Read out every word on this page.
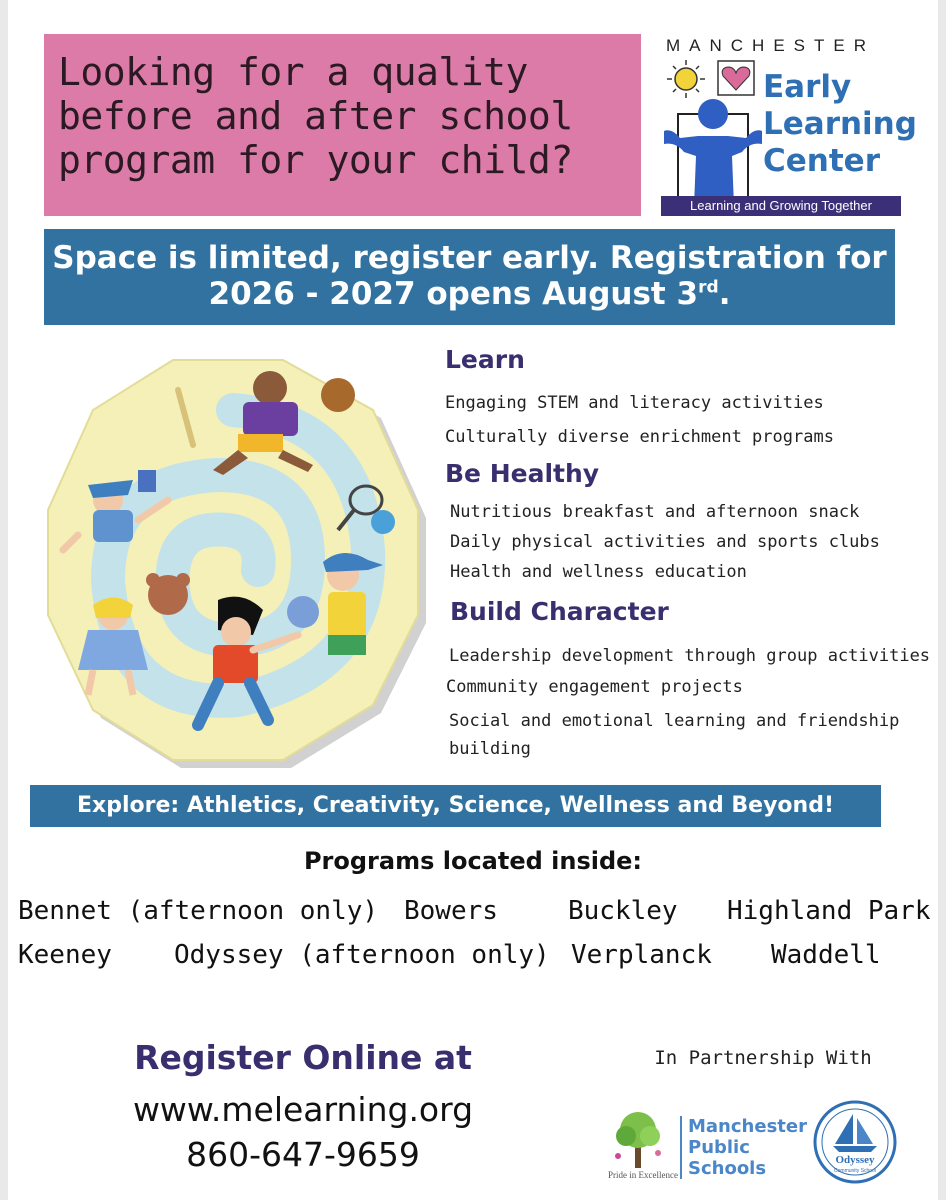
Looking for a quality
before and after school
program for your child?
MANCHESTER
Early
Learning
Center
Learning and Growing Together
Space is limited, register early. Registration for
2026 - 2027 opens August 3rd.
Learn
Engaging STEM and literacy activities
Culturally diverse enrichment programs
Be Healthy
Nutritious breakfast and afternoon snack
Daily physical activities and sports clubs
Health and wellness education
Build Character
Leadership development through group activities
Community engagement projects
Social and emotional learning and friendship
building
Explore: Athletics, Creativity, Science, Wellness and Beyond!
Programs located inside:
Bennet (afternoon only) Bowers	Buckley Highland Park
Keeney Odyssey (afternoon only) Verplanck Waddell
Register Online at
www.melearning.org
860-647-9659
In Partnership With
Manchester
Public
Schools
Pride in Excellence
Odyssey
Community School
